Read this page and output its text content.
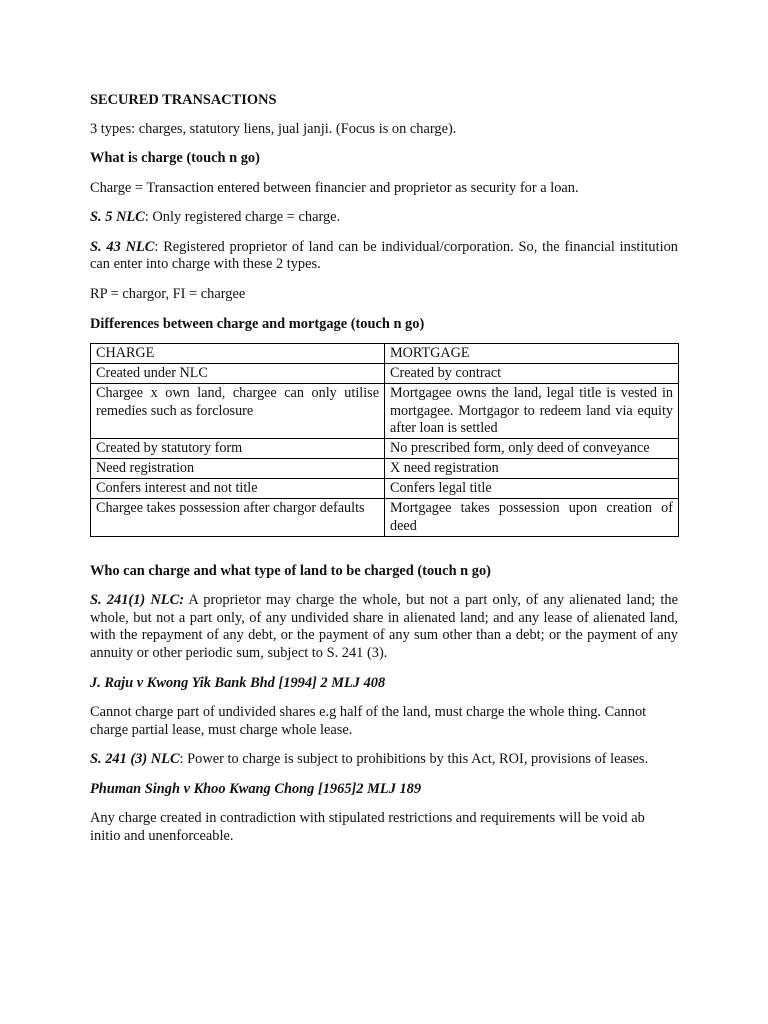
SECURED TRANSACTIONS

3 types: charges, statutory liens, jual janji. (Focus is on charge).

What is charge (touch n go)

Charge = Transaction entered between financier and proprietor as security for a loan.

S. 5 NLC: Only registered charge = charge.

S. 43 NLC: Registered proprietor of land can be individual/corporation. So, the financial institution can enter into charge with these 2 types.

RP = chargor, FI = chargee

Differences between charge and mortgage (touch n go)

CHARGE	MORTGAGE
Created under NLC	Created by contract
Chargee x own land, chargee can only utilise remedies such as forclosure	Mortgagee owns the land, legal title is vested in mortgagee. Mortgagor to redeem land via equity after loan is settled
Created by statutory form	No prescribed form, only deed of conveyance
Need registration	X need registration
Confers interest and not title	Confers legal title
Chargee takes possession after chargor defaults	Mortgagee takes possession upon creation of deed

Who can charge and what type of land to be charged (touch n go)

S. 241(1) NLC: A proprietor may charge the whole, but not a part only, of any alienated land; the whole, but not a part only, of any undivided share in alienated land; and any lease of alienated land, with the repayment of any debt, or the payment of any sum other than a debt; or the payment of any annuity or other periodic sum, subject to S. 241 (3).

J. Raju v Kwong Yik Bank Bhd [1994] 2 MLJ 408

Cannot charge part of undivided shares e.g half of the land, must charge the whole thing. Cannot charge partial lease, must charge whole lease.

S. 241 (3) NLC: Power to charge is subject to prohibitions by this Act, ROI, provisions of leases.

Phuman Singh v Khoo Kwang Chong [1965]2 MLJ 189

Any charge created in contradiction with stipulated restrictions and requirements will be void ab initio and unenforceable.
